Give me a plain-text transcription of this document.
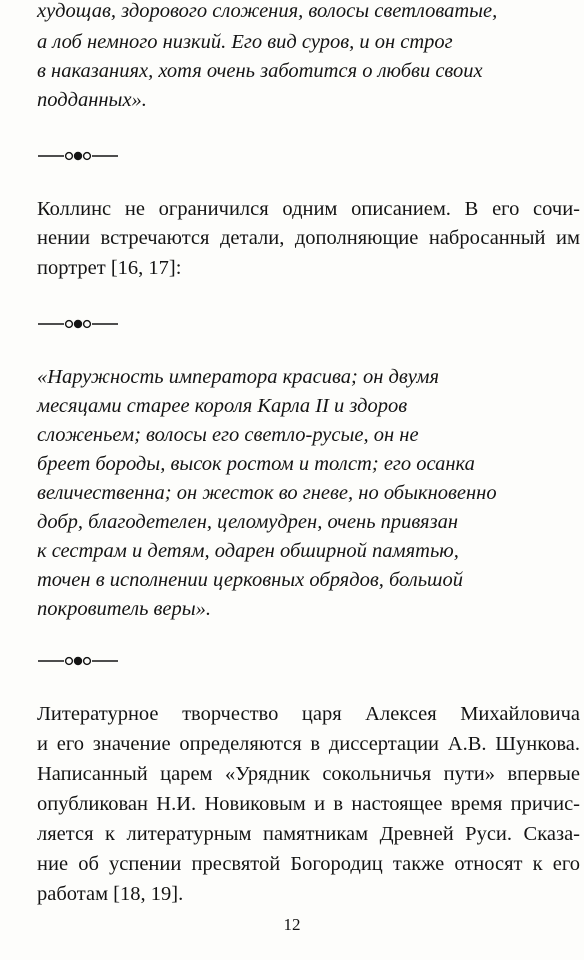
худощав, здорового сложения, волосы светловатые,
а лоб немного низкий. Его вид суров, и он строг
в наказаниях, хотя очень заботится о любви своих
подданных».
Коллинс не ограничился одним описанием. В его сочи-
нении встречаются детали, дополняющие набросанный им
портрет [16, 17]:
«Наружность императора красива; он двумя
месяцами старее короля Карла II и здоров
сложеньем; волосы его светло-русые, он не
бреет бороды, высок ростом и толст; его осанка
величественна; он жесток во гневе, но обыкновенно
добр, благодетелен, целомудрен, очень привязан
к сестрам и детям, одарен обширной памятью,
точен в исполнении церковных обрядов, большой
покровитель веры».
Литературное творчество царя Алексея Михайловича
и его значение определяются в диссертации А.В. Шункова.
Написанный царем «Урядник сокольничья пути» впервые
опубликован Н.И. Новиковым и в настоящее время причис-
ляется к литературным памятникам Древней Руси. Сказа-
ние об успении пресвятой Богородиц также относят к его
работам [18, 19].
12
